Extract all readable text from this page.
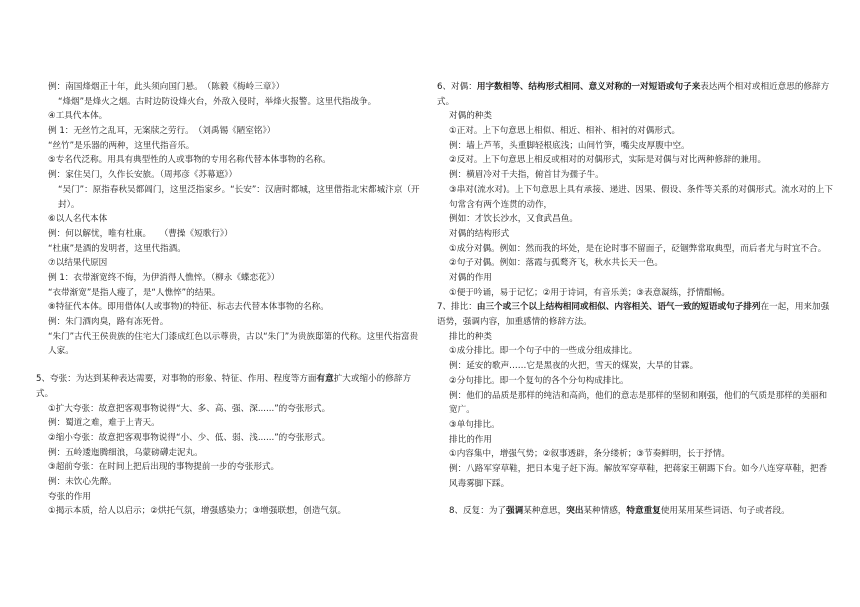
例：南国烽烟正十年，此头须向国门悬。　（陈毅《梅岭三章》）
“烽烟”是烽火之烟。古时边防设烽火台，外敌入侵时，举烽火报警。这里代指战争。
④工具代本体。
例 1：无丝竹之乱耳，无案牍之劳行。　（刘禹锡《陋室铭》）
“丝竹”是乐器的两种，这里代指音乐。
⑤专名代泛称。用具有典型性的人或事物的专用名称代替本体事物的名称。
例：家住吴门，久作长安旅。（周邦彦《苏幕遮》）
“吴门”：原指春秋吴都阊门，这里泛指家乡。“长安”：汉唐时都城，这里借指北宋都城汴京（开封）。
⑥以人名代本体
例：何以解忧，唯有杜康。　　（曹操《短歌行》）
“杜康”是酒的发明者，这里代指酒。
⑦以结果代原因
例 1：衣带渐宽终不悔，为伊消得人憔悴。（柳永《蝶恋花》）
“衣带渐宽”是指人瘦了，是“人憔悴”的结果。
⑧特征代本体。即用借体(人或事物)的特征、标志去代替本体事物的名称。
例：朱门酒肉臭，路有冻死骨。
“朱门”古代王侯贵族的住宅大门漆成红色以示尊贵，古以“朱门”为贵族邸第的代称。这里代指富贵人家。
5、夸张：为达到某种表达需要，对事物的形象、特征、作用、程度等方面有意扩大或缩小的修辞方式。
①扩大夸张：故意把客观事物说得“大、多、高、强、深......”的夸张形式。
例：蜀道之难，难于上青天。
②缩小夸张：故意把客观事物说得“小、少、低、弱、浅......”的夸张形式。
例：五岭逶迤腾细浪，乌蒙磅礴走泥丸。
③超前夸张：在时间上把后出现的事物提前一步的夸张形式。
例：未饮心先醉。
夸张的作用
①揭示本质，给人以启示；②烘托气氛，增强感染力；③增强联想，创造气氛。
6、对偶：用字数相等、结构形式相同、意义对称的一对短语或句子来表达两个相对或相近意思的修辞方式。
对偶的种类
①正对。上下句意思上相似、相近、相补、相衬的对偶形式。
例：墙上芦苇，头重脚轻根底浅；山间竹笋，嘴尖皮厚腹中空。
②反对。上下句意思上相反或相对的对偶形式，实际是对偶与对比两种修辞的兼用。
例：横眉冷对千夫指，俯首甘为孺子牛。
③串对(流水对)。上下句意思上具有承接、递进、因果、假设、条件等关系的对偶形式。流水对的上下句常含有两个连贯的动作，
例如：才饮长沙水，又食武昌鱼。
对偶的结构形式
①成分对偶。例如：然而我的坏处，是在论时事不留面子，砭锢弊常取典型，而后者尤与时宜不合。
②句子对偶。例如：落霞与孤鹜齐飞，秋水共长天一色。
对偶的作用
①便于吟诵，易于记忆；②用于诗词，有音乐美；③表意凝练，抒情酣畅。
7、排比：由三个或三个以上结构相同或相似、内容相关、语气一致的短语或句子排列在一起，用来加强语势，强调内容，加重感情的修辞方法。
排比的种类
①成分排比。即一个句子中的一些成分组成排比。
例：延安的歌声……它是黑夜的火把，雪天的煤炭，大旱的甘霖。
②分句排比。即一个复句的各个分句构成排比。
例：他们的品质是那样的纯洁和高尚，他们的意志是那样的坚韧和刚强，他们的气质是那样的美丽和宽广。
③单句排比。
排比的作用
①内容集中，增强气势；②叙事透辟，条分缕析；③节奏鲜明，长于抒情。
例：八路军穿草鞋，把日本鬼子赶下海。解放军穿草鞋，把蒋家王朝踢下台。如今八连穿草鞋，把香风毒雾脚下踩。
8、反复：为了强调某种意思，突出某种情感，特意重复使用某用某些词语、句子或者段。
